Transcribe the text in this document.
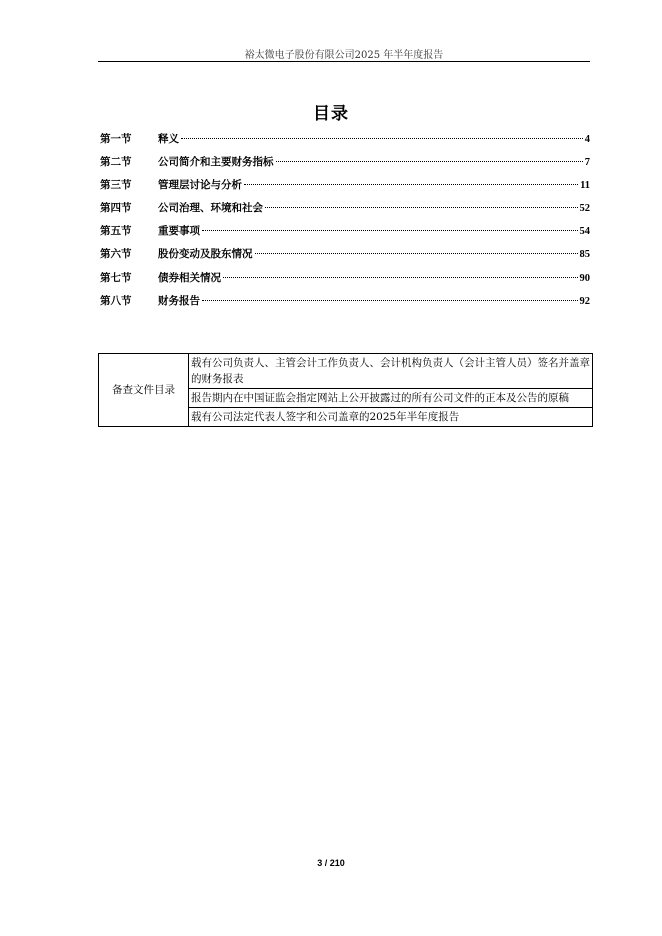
裕太微电子股份有限公司2025 年半年度报告
目录
第一节	释义	4
第二节	公司简介和主要财务指标	7
第三节	管理层讨论与分析	11
第四节	公司治理、环境和社会	52
第五节	重要事项	54
第六节	股份变动及股东情况	85
第七节	债券相关情况	90
第八节	财务报告	92
备查文件目录	载有公司负责人、主管会计工作负责人、会计机构负责人（会计主管人员）签名并盖章的财务报表
报告期内在中国证监会指定网站上公开披露过的所有公司文件的正本及公告的原稿
载有公司法定代表人签字和公司盖章的2025年半年度报告
3 / 210
